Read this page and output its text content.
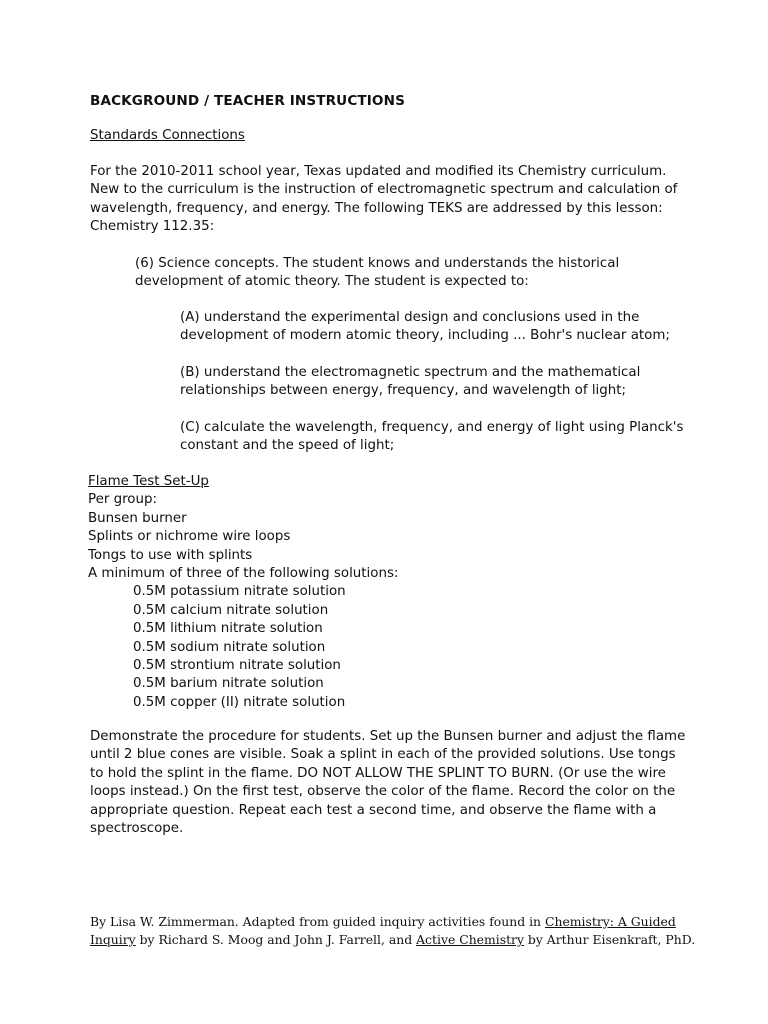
BACKGROUND / TEACHER INSTRUCTIONS
Standards Connections
For the 2010-2011 school year, Texas updated and modified its Chemistry curriculum.
New to the curriculum is the instruction of electromagnetic spectrum and calculation of
wavelength, frequency, and energy. The following TEKS are addressed by this lesson:
Chemistry 112.35:
(6) Science concepts. The student knows and understands the historical
development of atomic theory. The student is expected to:
(A) understand the experimental design and conclusions used in the
development of modern atomic theory, including ... Bohr's nuclear atom;
(B) understand the electromagnetic spectrum and the mathematical
relationships between energy, frequency, and wavelength of light;
(C) calculate the wavelength, frequency, and energy of light using Planck's
constant and the speed of light;
Flame Test Set-Up
Per group:
Bunsen burner
Splints or nichrome wire loops
Tongs to use with splints
A minimum of three of the following solutions:
0.5M potassium nitrate solution
0.5M calcium nitrate solution
0.5M lithium nitrate solution
0.5M sodium nitrate solution
0.5M strontium nitrate solution
0.5M barium nitrate solution
0.5M copper (II) nitrate solution
Demonstrate the procedure for students. Set up the Bunsen burner and adjust the flame
until 2 blue cones are visible. Soak a splint in each of the provided solutions. Use tongs
to hold the splint in the flame. DO NOT ALLOW THE SPLINT TO BURN. (Or use the wire
loops instead.) On the first test, observe the color of the flame. Record the color on the
appropriate question. Repeat each test a second time, and observe the flame with a
spectroscope.
By Lisa W. Zimmerman. Adapted from guided inquiry activities found in Chemistry: A Guided
Inquiry by Richard S. Moog and John J. Farrell, and Active Chemistry by Arthur Eisenkraft, PhD.
